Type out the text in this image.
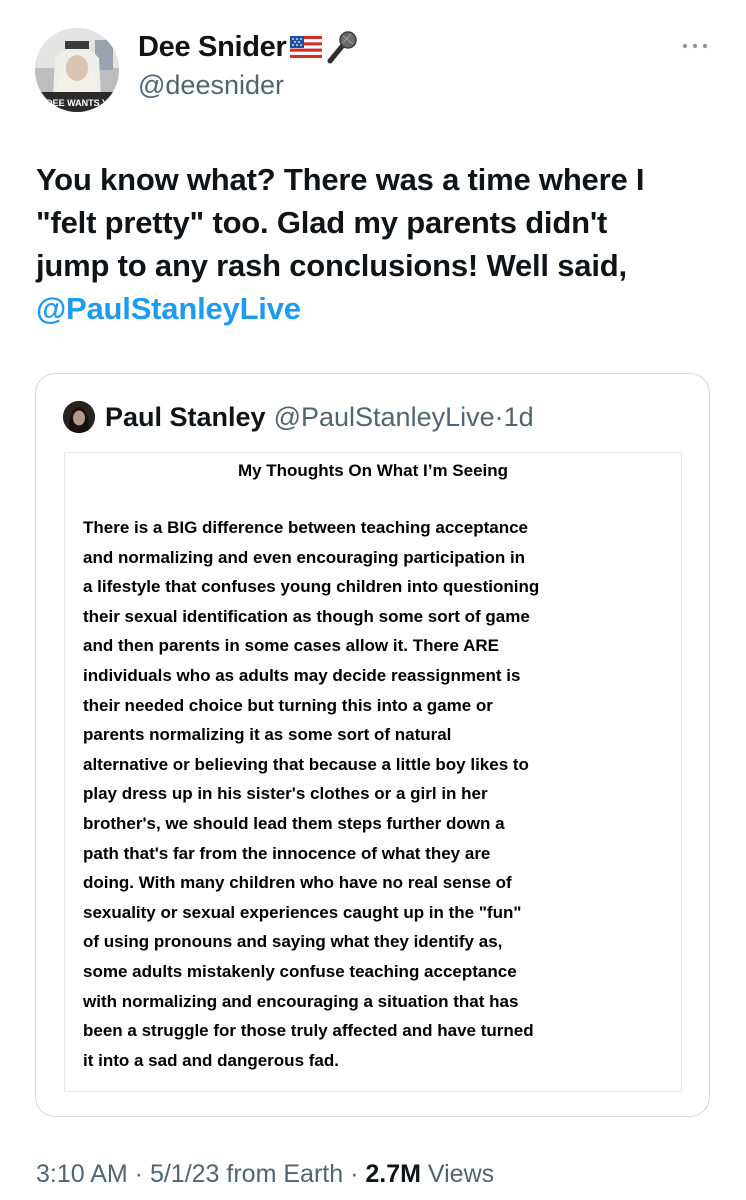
DEE WANTS Y
Dee Snider
@deesnider
You know what? There was a time where I
"felt pretty" too. Glad my parents didn't
jump to any rash conclusions! Well said,
@PaulStanleyLive
Paul Stanley @PaulStanleyLive · 1d
My Thoughts On What I’m Seeing
There is a BIG difference between teaching acceptance
and normalizing and even encouraging participation in
a lifestyle that confuses young children into questioning
their sexual identification as though some sort of game
and then parents in some cases allow it. There ARE
individuals who as adults may decide reassignment is
their needed choice but turning this into a game or
parents normalizing it as some sort of natural
alternative or believing that because a little boy likes to
play dress up in his sister's clothes or a girl in her
brother's, we should lead them steps further down a
path that's far from the innocence of what they are
doing. With many children who have no real sense of
sexuality or sexual experiences caught up in the "fun"
of using pronouns and saying what they identify as,
some adults mistakenly confuse teaching acceptance
with normalizing and encouraging a situation that has
been a struggle for those truly affected and have turned
it into a sad and dangerous fad.
3:10 AM · 5/1/23 from Earth · 2.7M Views
